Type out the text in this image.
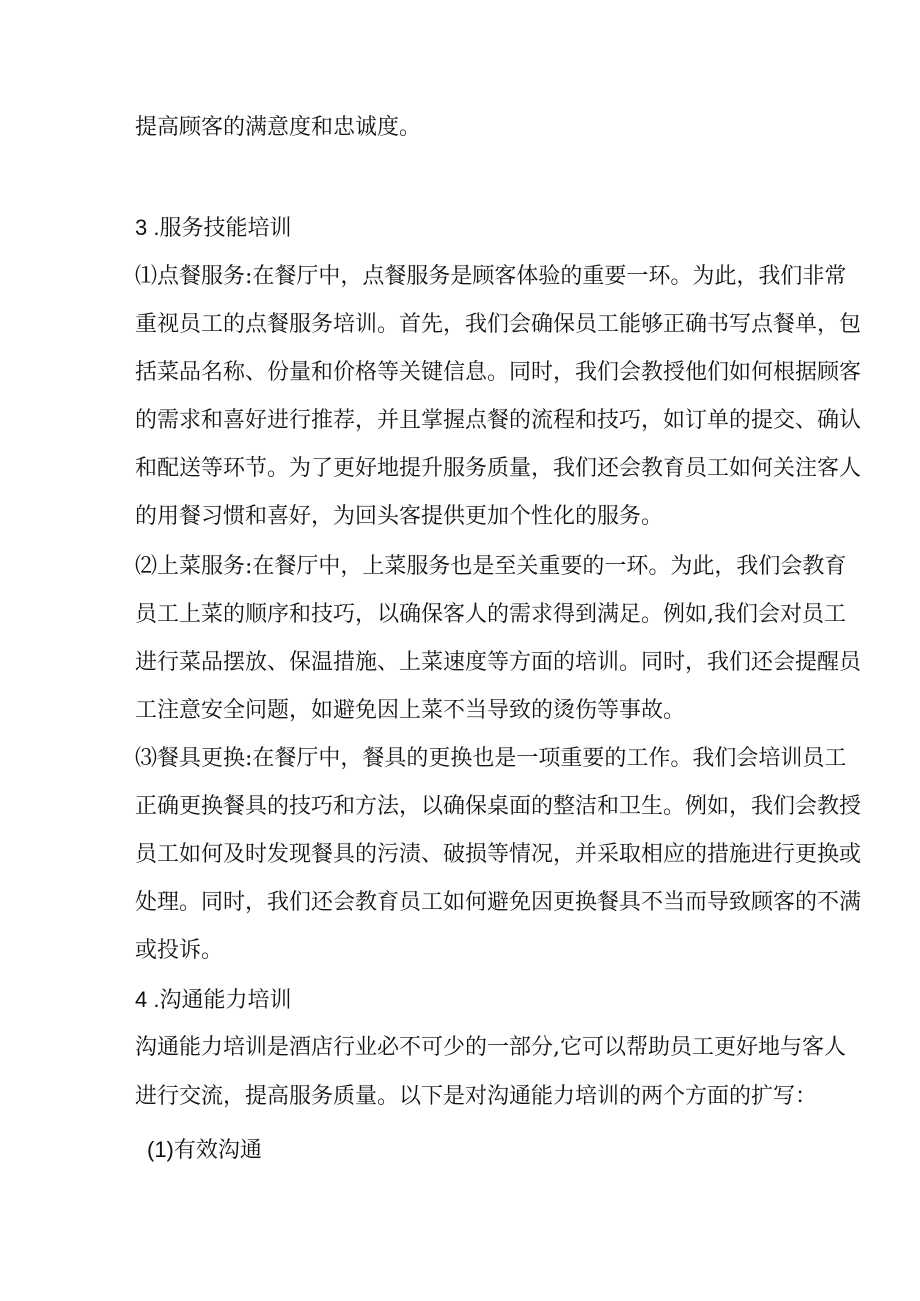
提高顾客的满意度和忠诚度。
3 .服务技能培训
⑴点餐服务:在餐厅中，点餐服务是顾客体验的重要一环。为此，我们非常
重视员工的点餐服务培训。首先，我们会确保员工能够正确书写点餐单，包
括菜品名称、份量和价格等关键信息。同时，我们会教授他们如何根据顾客
的需求和喜好进行推荐，并且掌握点餐的流程和技巧，如订单的提交、确认
和配送等环节。为了更好地提升服务质量，我们还会教育员工如何关注客人
的用餐习惯和喜好，为回头客提供更加个性化的服务。
⑵上菜服务:在餐厅中，上菜服务也是至关重要的一环。为此，我们会教育
员工上菜的顺序和技巧，以确保客人的需求得到满足。例如,我们会对员工
进行菜品摆放、保温措施、上菜速度等方面的培训。同时，我们还会提醒员
工注意安全问题，如避免因上菜不当导致的烫伤等事故。
⑶餐具更换:在餐厅中，餐具的更换也是一项重要的工作。我们会培训员工
正确更换餐具的技巧和方法，以确保桌面的整洁和卫生。例如，我们会教授
员工如何及时发现餐具的污渍、破损等情况，并采取相应的措施进行更换或
处理。同时，我们还会教育员工如何避免因更换餐具不当而导致顾客的不满
或投诉。
4 .沟通能力培训
沟通能力培训是酒店行业必不可少的一部分,它可以帮助员工更好地与客人
进行交流，提高服务质量。以下是对沟通能力培训的两个方面的扩写：
(1)有效沟通
